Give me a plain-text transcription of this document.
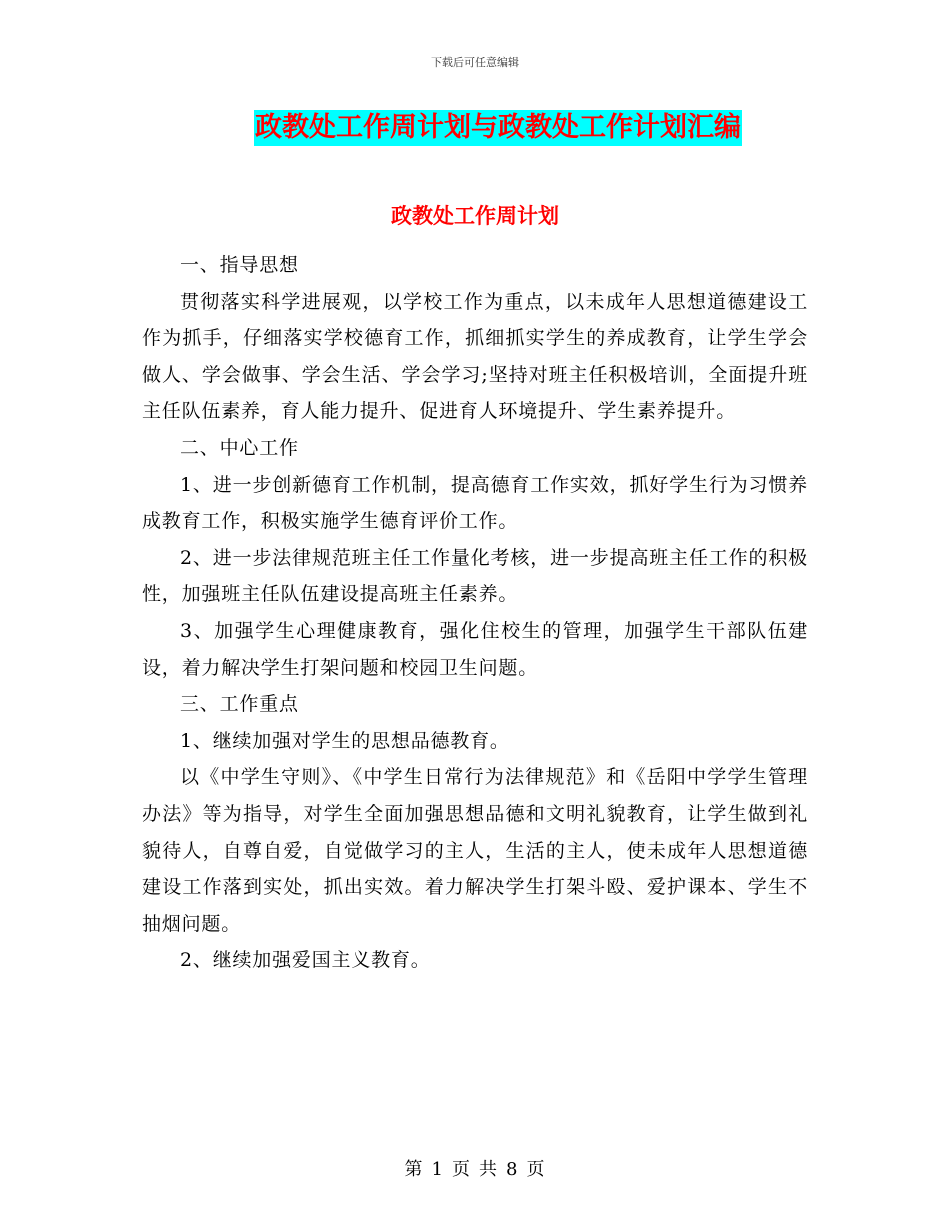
下载后可任意编辑
政教处工作周计划与政教处工作计划汇编
政教处工作周计划

一、指导思想

贯彻落实科学进展观，以学校工作为重点，以未成年人思想道德建设工作为抓手，仔细落实学校德育工作，抓细抓实学生的养成教育，让学生学会做人、学会做事、学会生活、学会学习;坚持对班主任积极培训，全面提升班主任队伍素养，育人能力提升、促进育人环境提升、学生素养提升。

二、中心工作

1、进一步创新德育工作机制，提高德育工作实效，抓好学生行为习惯养成教育工作，积极实施学生德育评价工作。

2、进一步法律规范班主任工作量化考核，进一步提高班主任工作的积极性，加强班主任队伍建设提高班主任素养。

3、加强学生心理健康教育，强化住校生的管理，加强学生干部队伍建设，着力解决学生打架问题和校园卫生问题。

三、工作重点

1、继续加强对学生的思想品德教育。

以《中学生守则》、《中学生日常行为法律规范》和《岳阳中学学生管理办法》等为指导，对学生全面加强思想品德和文明礼貌教育，让学生做到礼貌待人，自尊自爱，自觉做学习的主人，生活的主人，使未成年人思想道德建设工作落到实处，抓出实效。着力解决学生打架斗殴、爱护课本、学生不抽烟问题。

2、继续加强爱国主义教育。

第 1 页 共 8 页
